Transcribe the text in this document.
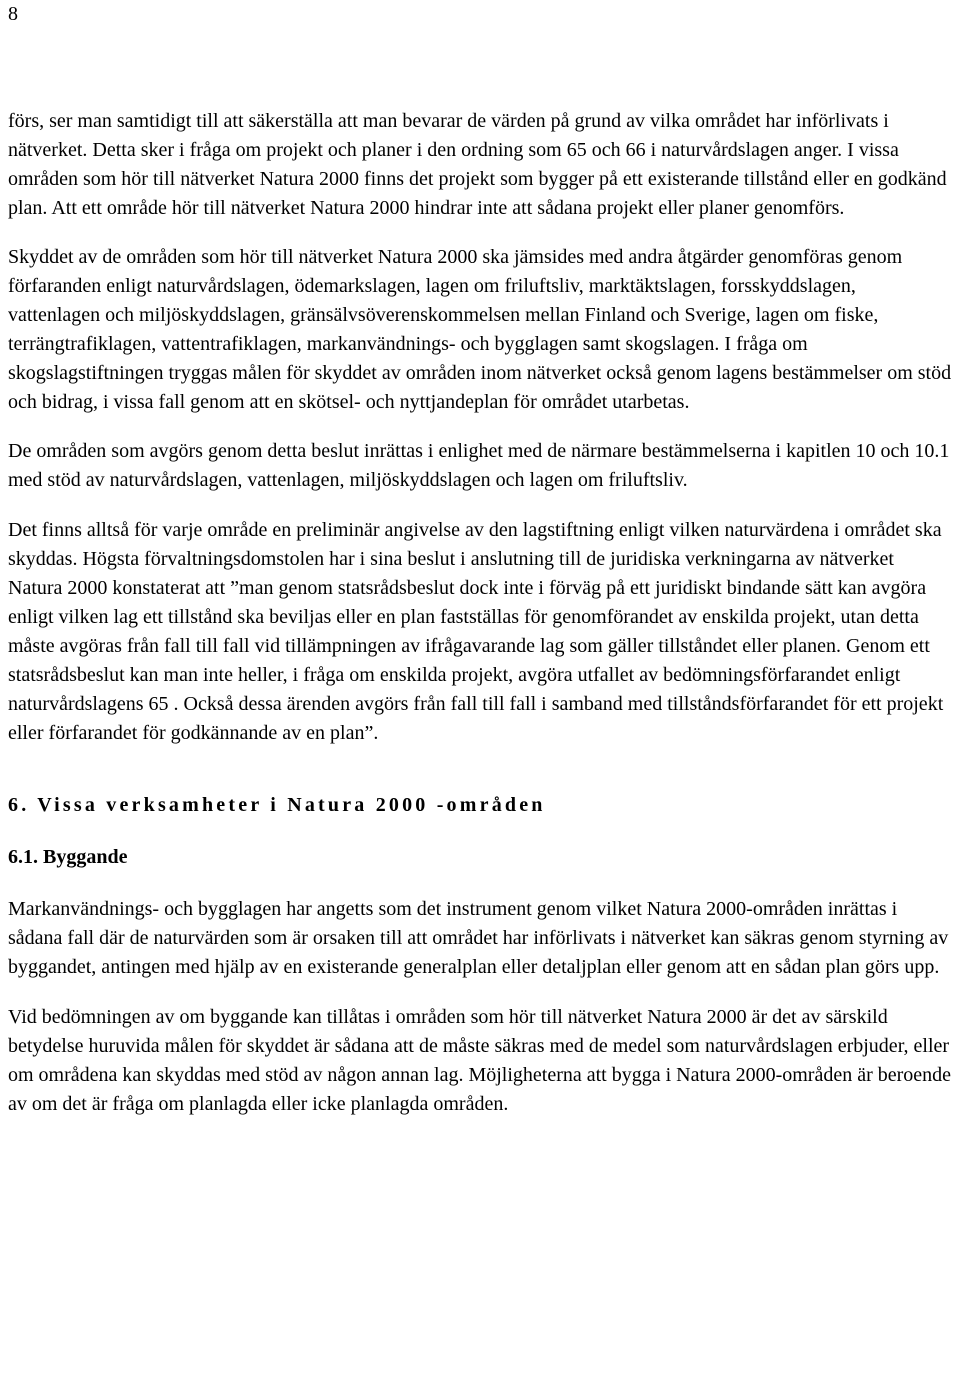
8

förs, ser man samtidigt till att säkerställa att man bevarar de värden på grund av vilka området har införlivats i nätverket. Detta sker i fråga om projekt och planer i den ordning som 65 och 66 i naturvårdslagen anger. I vissa områden som hör till nätverket Natura 2000 finns det projekt som bygger på ett existerande tillstånd eller en godkänd plan. Att ett område hör till nätverket Natura 2000 hindrar inte att sådana projekt eller planer genomförs.

Skyddet av de områden som hör till nätverket Natura 2000 ska jämsides med andra åtgärder genomföras genom förfaranden enligt naturvårdslagen, ödemarkslagen, lagen om friluftsliv, marktäktslagen, forsskyddslagen, vattenlagen och miljöskyddslagen, gränsälvsöverenskommelsen mellan Finland och Sverige, lagen om fiske, terrängtrafiklagen, vattentrafiklagen, markanvändnings- och bygglagen samt skogslagen. I fråga om skogslagstiftningen tryggas målen för skyddet av områden inom nätverket också genom lagens bestämmelser om stöd och bidrag, i vissa fall genom att en skötsel- och nyttjandeplan för området utarbetas.

De områden som avgörs genom detta beslut inrättas i enlighet med de närmare bestämmelserna i kapitlen 10 och 10.1 med stöd av naturvårdslagen, vattenlagen, miljöskyddslagen och lagen om friluftsliv.

Det finns alltså för varje område en preliminär angivelse av den lagstiftning enligt vilken naturvärdena i området ska skyddas. Högsta förvaltningsdomstolen har i sina beslut i anslutning till de juridiska verkningarna av nätverket Natura 2000 konstaterat att ”man genom statsrådsbeslut dock inte i förväg på ett juridiskt bindande sätt kan avgöra enligt vilken lag ett tillstånd ska beviljas eller en plan fastställas för genomförandet av enskilda projekt, utan detta måste avgöras från fall till fall vid tillämpningen av ifrågavarande lag som gäller tillståndet eller planen. Genom ett statsrådsbeslut kan man inte heller, i fråga om enskilda projekt, avgöra utfallet av bedömningsförfarandet enligt naturvårdslagens 65 . Också dessa ärenden avgörs från fall till fall i samband med tillståndsförfarandet för ett projekt eller förfarandet för godkännande av en plan”.

6. Vissa verksamheter i Natura 2000 -områden
6.1. Byggande

Markanvändnings- och bygglagen har angetts som det instrument genom vilket Natura 2000-områden inrättas i sådana fall där de naturvärden som är orsaken till att området har införlivats i nätverket kan säkras genom styrning av byggandet, antingen med hjälp av en existerande generalplan eller detaljplan eller genom att en sådan plan görs upp.

Vid bedömningen av om byggande kan tillåtas i områden som hör till nätverket Natura 2000 är det av särskild betydelse huruvida målen för skyddet är sådana att de måste säkras med de medel som naturvårdslagen erbjuder, eller om områdena kan skyddas med stöd av någon annan lag. Möjligheterna att bygga i Natura 2000-områden är beroende av om det är fråga om planlagda eller icke planlagda områden.
